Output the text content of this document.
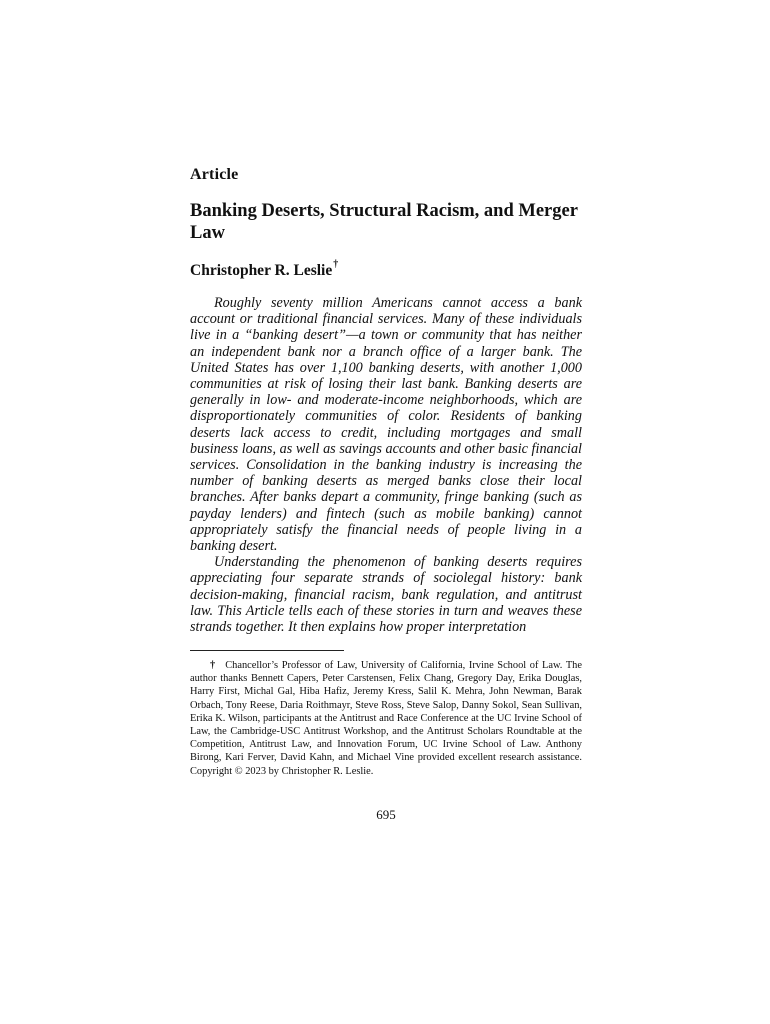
Article
Banking Deserts, Structural Racism, and Merger Law
Christopher R. Leslie†

Roughly seventy million Americans cannot access a bank account or traditional financial services. Many of these individuals live in a “banking desert”—a town or community that has neither an independent bank nor a branch office of a larger bank. The United States has over 1,100 banking deserts, with another 1,000 communities at risk of losing their last bank. Banking deserts are generally in low- and moderate-income neighborhoods, which are disproportionately communities of color. Residents of banking deserts lack access to credit, including mortgages and small business loans, as well as savings accounts and other basic financial services. Consolidation in the banking industry is increasing the number of banking deserts as merged banks close their local branches. After banks depart a community, fringe banking (such as payday lenders) and fintech (such as mobile banking) cannot appropriately satisfy the financial needs of people living in a banking desert.

Understanding the phenomenon of banking deserts requires appreciating four separate strands of sociolegal history: bank decision-making, financial racism, bank regulation, and antitrust law. This Article tells each of these stories in turn and weaves these strands together. It then explains how proper interpretation

† Chancellor’s Professor of Law, University of California, Irvine School of Law. The author thanks Bennett Capers, Peter Carstensen, Felix Chang, Gregory Day, Erika Douglas, Harry First, Michal Gal, Hiba Hafiz, Jeremy Kress, Salil K. Mehra, John Newman, Barak Orbach, Tony Reese, Daria Roithmayr, Steve Ross, Steve Salop, Danny Sokol, Sean Sullivan, Erika K. Wilson, participants at the Antitrust and Race Conference at the UC Irvine School of Law, the Cambridge-USC Antitrust Workshop, and the Antitrust Scholars Roundtable at the Competition, Antitrust Law, and Innovation Forum, UC Irvine School of Law. Anthony Birong, Kari Ferver, David Kahn, and Michael Vine provided excellent research assistance. Copyright © 2023 by Christopher R. Leslie.

695
